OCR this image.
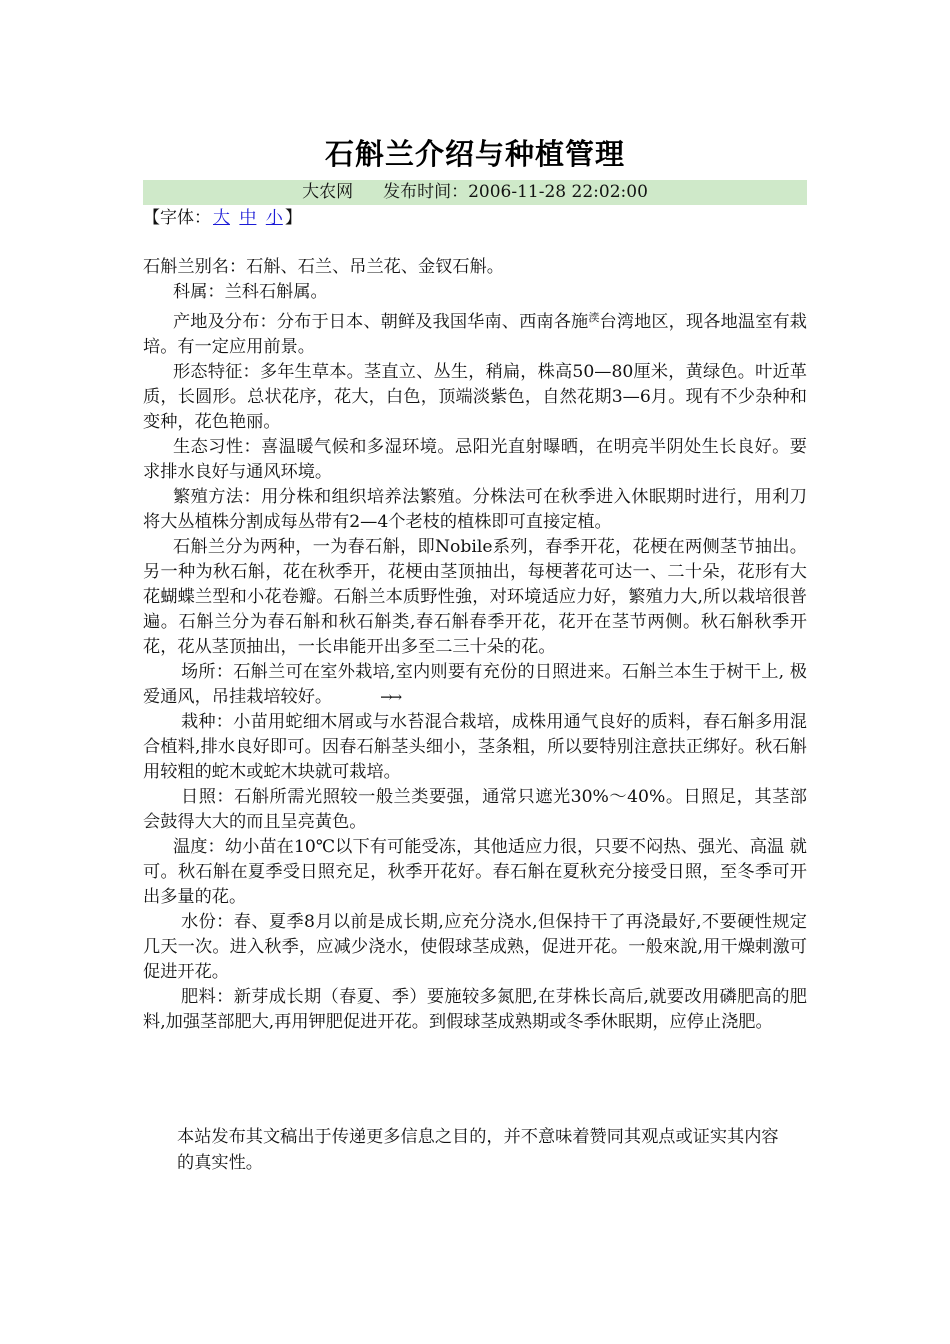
石斛兰介绍与种植管理
大农网 发布时间：2006-11-28 22:02:00
【字体： 大 中 小 】

石斛兰别名：石斛、石兰、吊兰花、金钗石斛。

科属：兰科石斛属。

产地及分布：分布于日本、朝鲜及我国华南、西南各施$^湙$台湾地区，现各地温室有栽培。有一定应用前景。

形态特征：多年生草本。茎直立、丛生，稍扁，株高50—80厘米，黄绿色。叶近革质，长圆形。总状花序，花大，白色，顶端淡紫色，自然花期3—6月。现有不少杂种和变种，花色艳丽。

生态习性：喜温暖气候和多湿环境。忌阳光直射曝晒，在明亮半阴处生长良好。要求排水良好与通风环境。

繁殖方法：用分株和组织培养法繁殖。分株法可在秋季进入休眠期时进行，用利刀将大丛植株分割成每丛带有2—4个老枝的植株即可直接定植。

石斛兰分为两种，一为春石斛，即Nobile系列，春季开花，花梗在两侧茎节抽出。另一种为秋石斛，花在秋季开，花梗由茎顶抽出，每梗著花可达一、二十朵，花形有大花蝴蝶兰型和小花卷瓣。石斛兰本质野性強，对环境适应力好，繁殖力大,所以栽培很普遍。石斛兰分为春石斛和秋石斛类,春石斛春季开花，花开在茎节两侧。秋石斛秋季开花，花从茎顶抽出，一长串能开出多至二三十朵的花。

场所：石斛兰可在室外栽培,室内则要有充份的日照进来。石斛兰本生于树干上, 极爱通风，吊挂栽培较好。	→→

栽种：小苗用蛇细木屑或与水苔混合栽培，成株用通气良好的质料，春石斛多用混合植料,排水良好即可。因春石斛茎头细小，茎条粗，所以要特別注意扶正绑好。秋石斛用较粗的蛇木或蛇木块就可栽培。

日照：石斛所需光照较一般兰类要强，通常只遮光30%～40%。日照足，其茎部会鼓得大大的而且呈亮黃色。

温度：幼小苗在10℃以下有可能受冻，其他适应力很，只要不闷热、强光、高温 就可。秋石斛在夏季受日照充足，秋季开花好。春石斛在夏秋充分接受日照，至冬季可开出多量的花。

水份：春、夏季8月以前是成长期,应充分浇水,但保持干了再浇最好,不要硬性规定几天一次。进入秋季，应减少浇水，使假球茎成熟，促进开花。一般來說,用干燥剌激可促进开花。

肥料：新芽成长期（春夏、季）要施较多氮肥,在芽株长高后,就要改用磷肥高的肥料,加强茎部肥大,再用钾肥促进开花。到假球茎成熟期或冬季休眠期，应停止浇肥。

本站发布其文稿出于传递更多信息之目的，并不意味着赞同其观点或证实其内容的真实性。
